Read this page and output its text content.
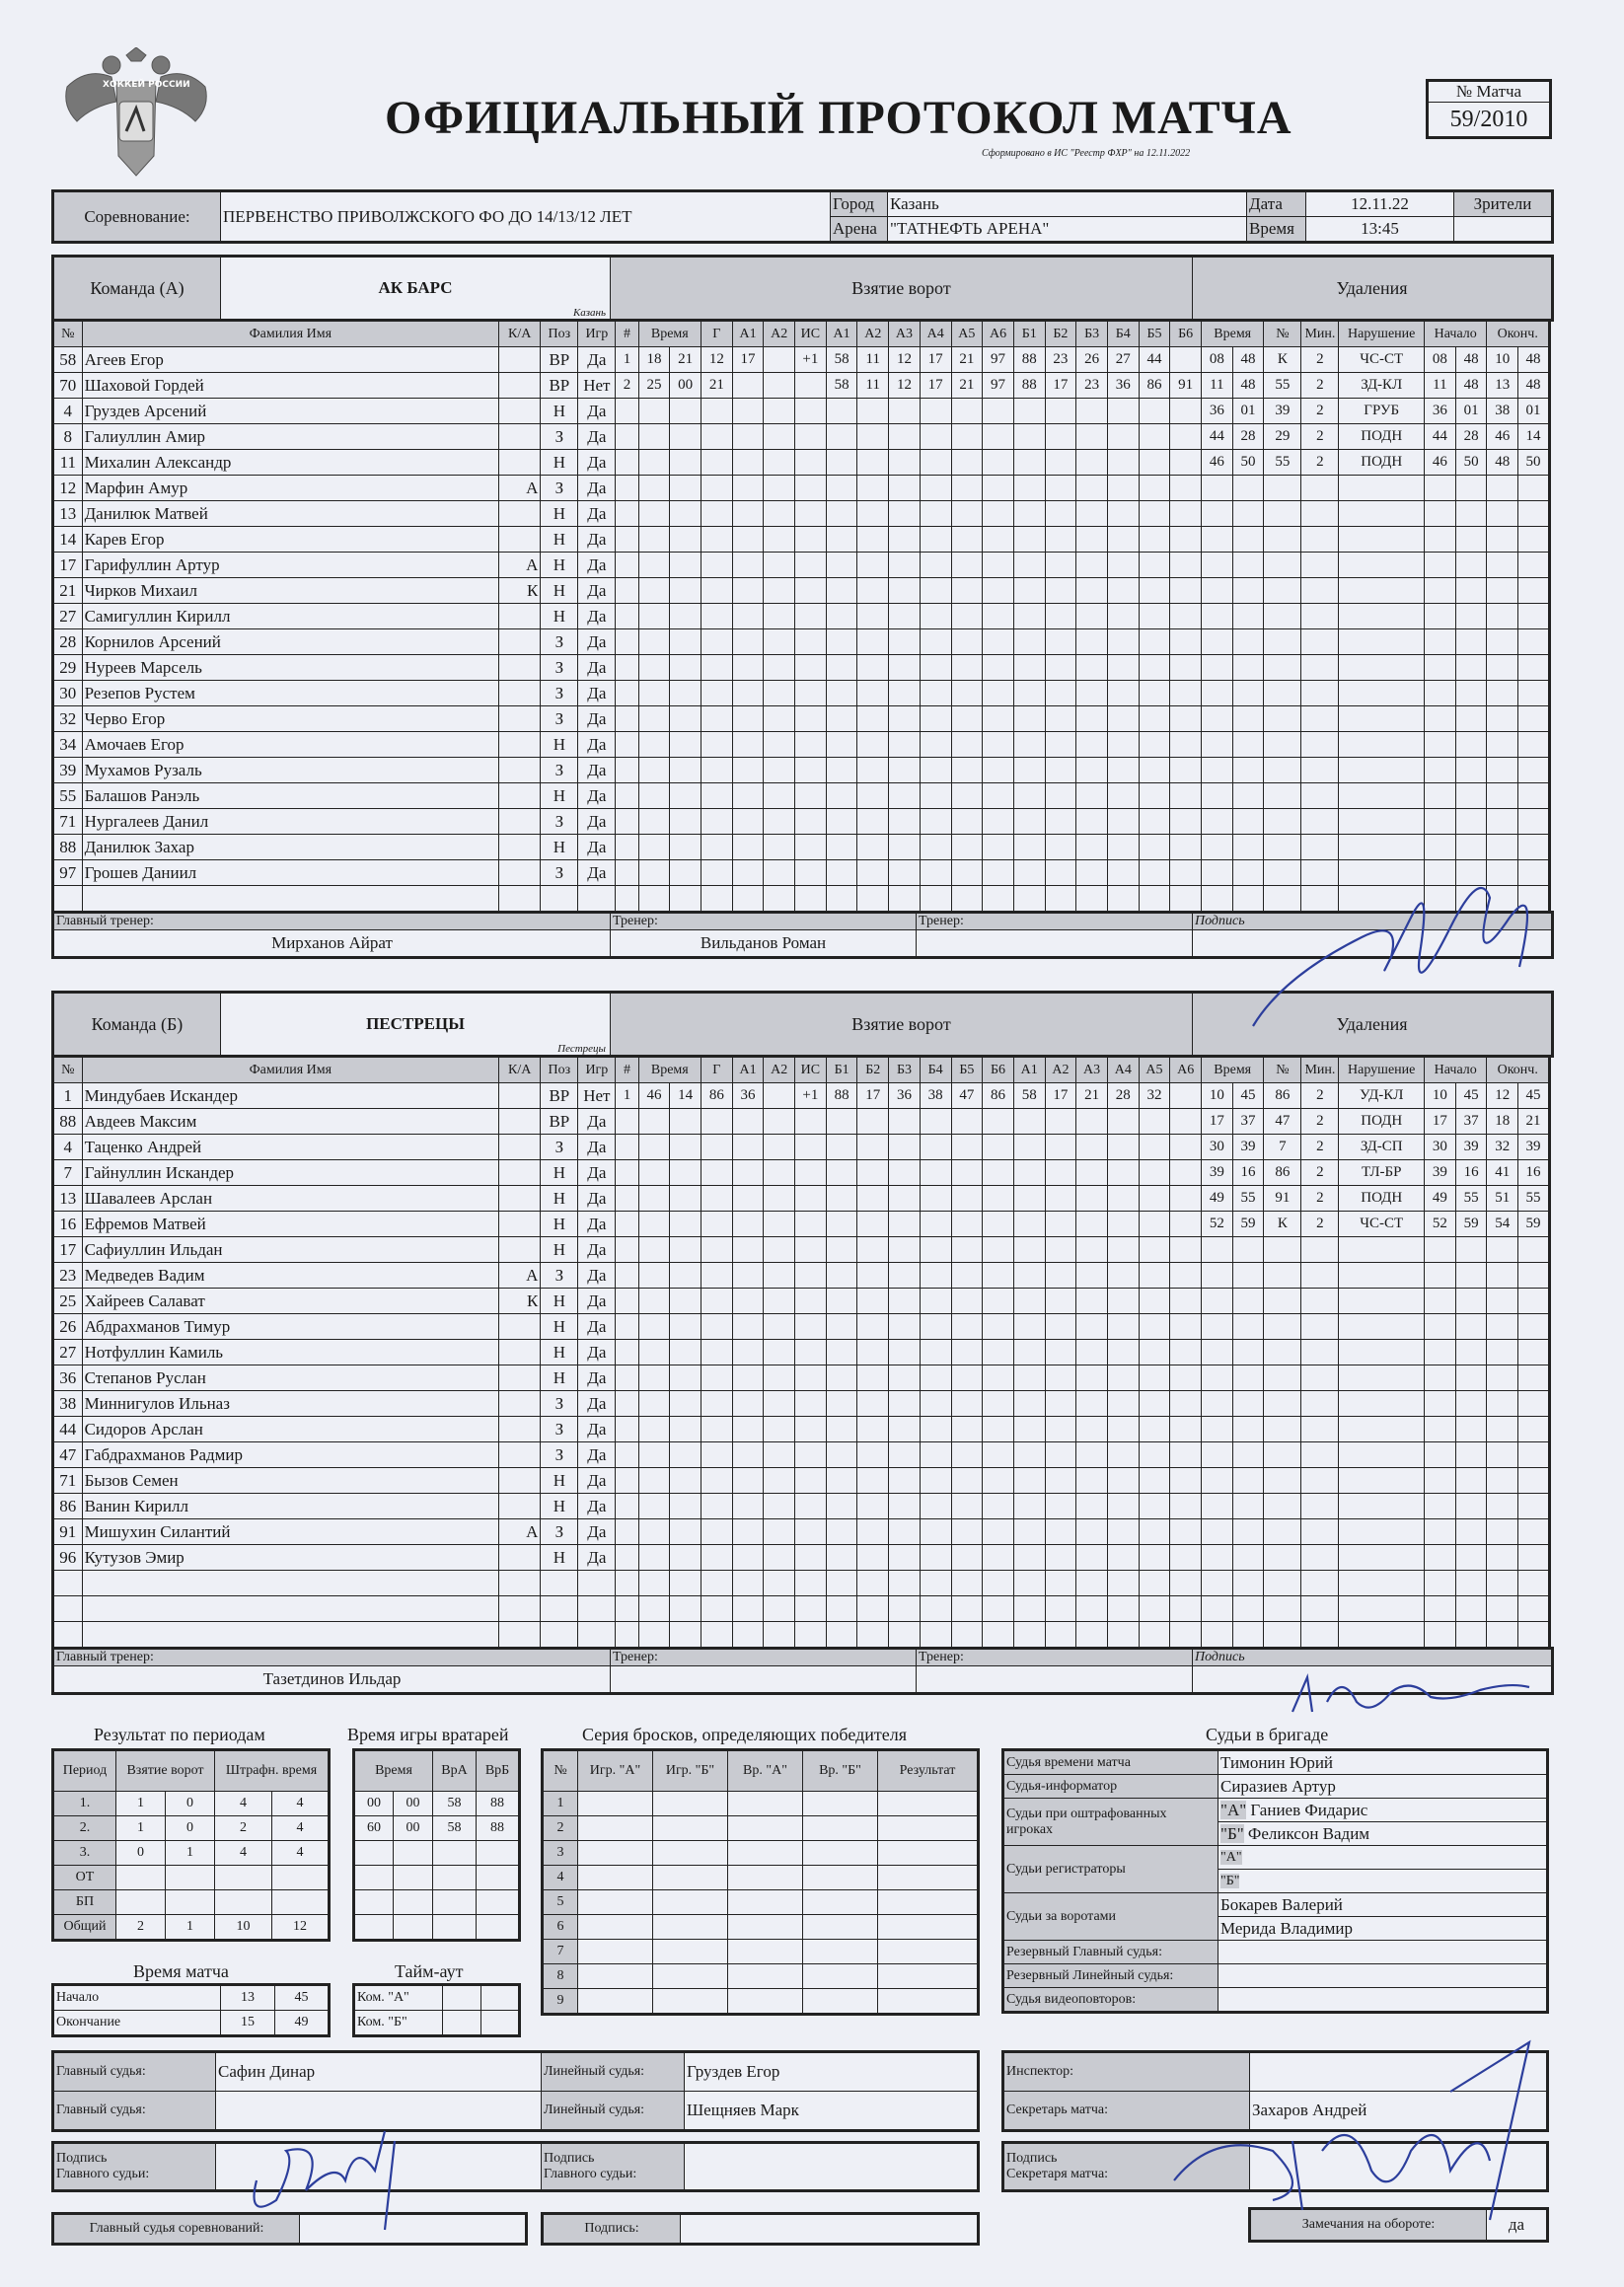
ХОККЕЙ РОССИИ
ОФИЦИАЛЬНЫЙ ПРОТОКОЛ МАТЧА
Сформировано в ИС "Реестр ФХР" на 12.11.2022
№ Матча
59/2010
Соревнование:	ПЕРВЕНСТВО ПРИВОЛЖСКОГО ФО ДО 14/13/12 ЛЕТ	Город	Казань	Дата	12.11.22	Зрители
		Арена	"ТАТНЕФТЬ АРЕНА"	Время	13:45	
Команда (А)	АК БАРС
Казань
	Взятие ворот	Удаления
№	Фамилия Имя	К/А	Поз	Игр	#	Время		Г	А1	А2	ИС	А1	А2	А3	А4	А5	А6	Б1	Б2	Б3	Б4	Б5	Б6	Время		№	Мин.	Нарушение	Начало		Оконч.	
58	Агеев Егор		ВР	Да	1	18	21	12	17		+1	58	11	12	17	21	97	88	23	26	27	44		08	48	К	2	ЧС-СТ	08	48	10	48
70	Шаховой Гордей		ВР	Нет	2	25	00	21				58	11	12	17	21	97	88	17	23	36	86	91	11	48	55	2	ЗД-КЛ	11	48	13	48
4	Груздев Арсений		Н	Да																				36	01	39	2	ГРУБ	36	01	38	01
8	Галиуллин Амир		З	Да																				44	28	29	2	ПОДН	44	28	46	14
11	Михалин Александр		Н	Да																				46	50	55	2	ПОДН	46	50	48	50
12	Марфин Амур	А	З	Да																												
13	Данилюк Матвей		Н	Да																												
14	Карев Егор		Н	Да																												
17	Гарифуллин Артур	А	Н	Да																												
21	Чирков Михаил	К	Н	Да																												
27	Самигуллин Кирилл		Н	Да																												
28	Корнилов Арсений		З	Да																												
29	Нуреев Марсель		З	Да																												
30	Резепов Рустем		З	Да																												
32	Черво Егор		З	Да																												
34	Амочаев Егор		Н	Да																												
39	Мухамов Рузаль		З	Да																												
55	Балашов Ранэль		Н	Да																												
71	Нургалеев Данил		З	Да																												
88	Данилюк Захар		Н	Да																												
97	Грошев Даниил		З	Да																												

Главный тренер:	Тренер:	Тренер:	Подпись
Мирханов Айрат	Вильданов Роман		
Команда (Б)	ПЕСТРЕЦЫ
Пестрецы
	Взятие ворот	Удаления
№	Фамилия Имя	К/А	Поз	Игр	#	Время		Г	А1	А2	ИС	Б1	Б2	Б3	Б4	Б5	Б6	А1	А2	А3	А4	А5	А6	Время		№	Мин.	Нарушение	Начало		Оконч.	
1	Миндубаев Искандер		ВР	Нет	1	46	14	86	36		+1	88	17	36	38	47	86	58	17	21	28	32		10	45	86	2	УД-КЛ	10	45	12	45
88	Авдеев Максим		ВР	Да																				17	37	47	2	ПОДН	17	37	18	21
4	Таценко Андрей		З	Да																				30	39	7	2	ЗД-СП	30	39	32	39
7	Гайнуллин Искандер		Н	Да																				39	16	86	2	ТЛ-БР	39	16	41	16
13	Шавалеев Арслан		Н	Да																				49	55	91	2	ПОДН	49	55	51	55
16	Ефремов Матвей		Н	Да																				52	59	К	2	ЧС-СТ	52	59	54	59
17	Сафиуллин Ильдан		Н	Да																												
23	Медведев Вадим	А	З	Да																												
25	Хайреев Салават	К	Н	Да																												
26	Абдрахманов Тимур		Н	Да																												
27	Нотфуллин Камиль		Н	Да																												
36	Степанов Руслан		Н	Да																												
38	Миннигулов Ильназ		З	Да																												
44	Сидоров Арслан		З	Да																												
47	Габдрахманов Радмир		З	Да																												
71	Бызов Семен		Н	Да																												
86	Ванин Кирилл		Н	Да																												
91	Мишухин Силантий	А	З	Да																												
96	Кутузов Эмир		Н	Да																												

Главный тренер:	Тренер:	Тренер:	Подпись
Тазетдинов Ильдар			
Результат по периодам
Период	Взятие ворот		Штрафн. время	
1.	1	0	4	4
2.	1	0	2	4
3.	0	1	4	4
ОТ				
БП				
Общий	2	1	10	12
Время игры вратарей
Время		ВрА	ВрБ
00	00	58	88
60	00	58	88

Время матча
Начало	13	45
Окончание	15	49
Тайм-аут
Ком. "А"		
Ком. "Б"		
Серия бросков, определяющих победителя
№	Игр. "А"	Игр. "Б"	Вр. "А"	Вр. "Б"	Результат
1					
2					
3					
4					
5					
6					
7					
8					
9					
Судьи в бригаде
Судья времени матча	Тимонин Юрий
Судья-информатор	Сиразиев Артур
Судьи при оштрафованных игроках	"А" Ганиев Фидарис
	"Б" Феликсон Вадим
Судьи регистраторы	"А"
	"Б"
Судьи за воротами	Бокарев Валерий
	Мерида Владимир
Резервный Главный судья:	
Резервный Линейный судья:	
Судья видеоповторов:	
Главный судья:	Сафин Динар	Линейный судья:	Груздев Егор
Главный судья:		Линейный судья:	Шещняев Марк
Инспектор:	
Секретарь матча:	Захаров Андрей
Подпись
Главного судьи:

Подпись
Главного судьи:

Подпись
Секретаря матча:

Главный судья соревнований:		Подпись:		Замечания на обороте:	да
